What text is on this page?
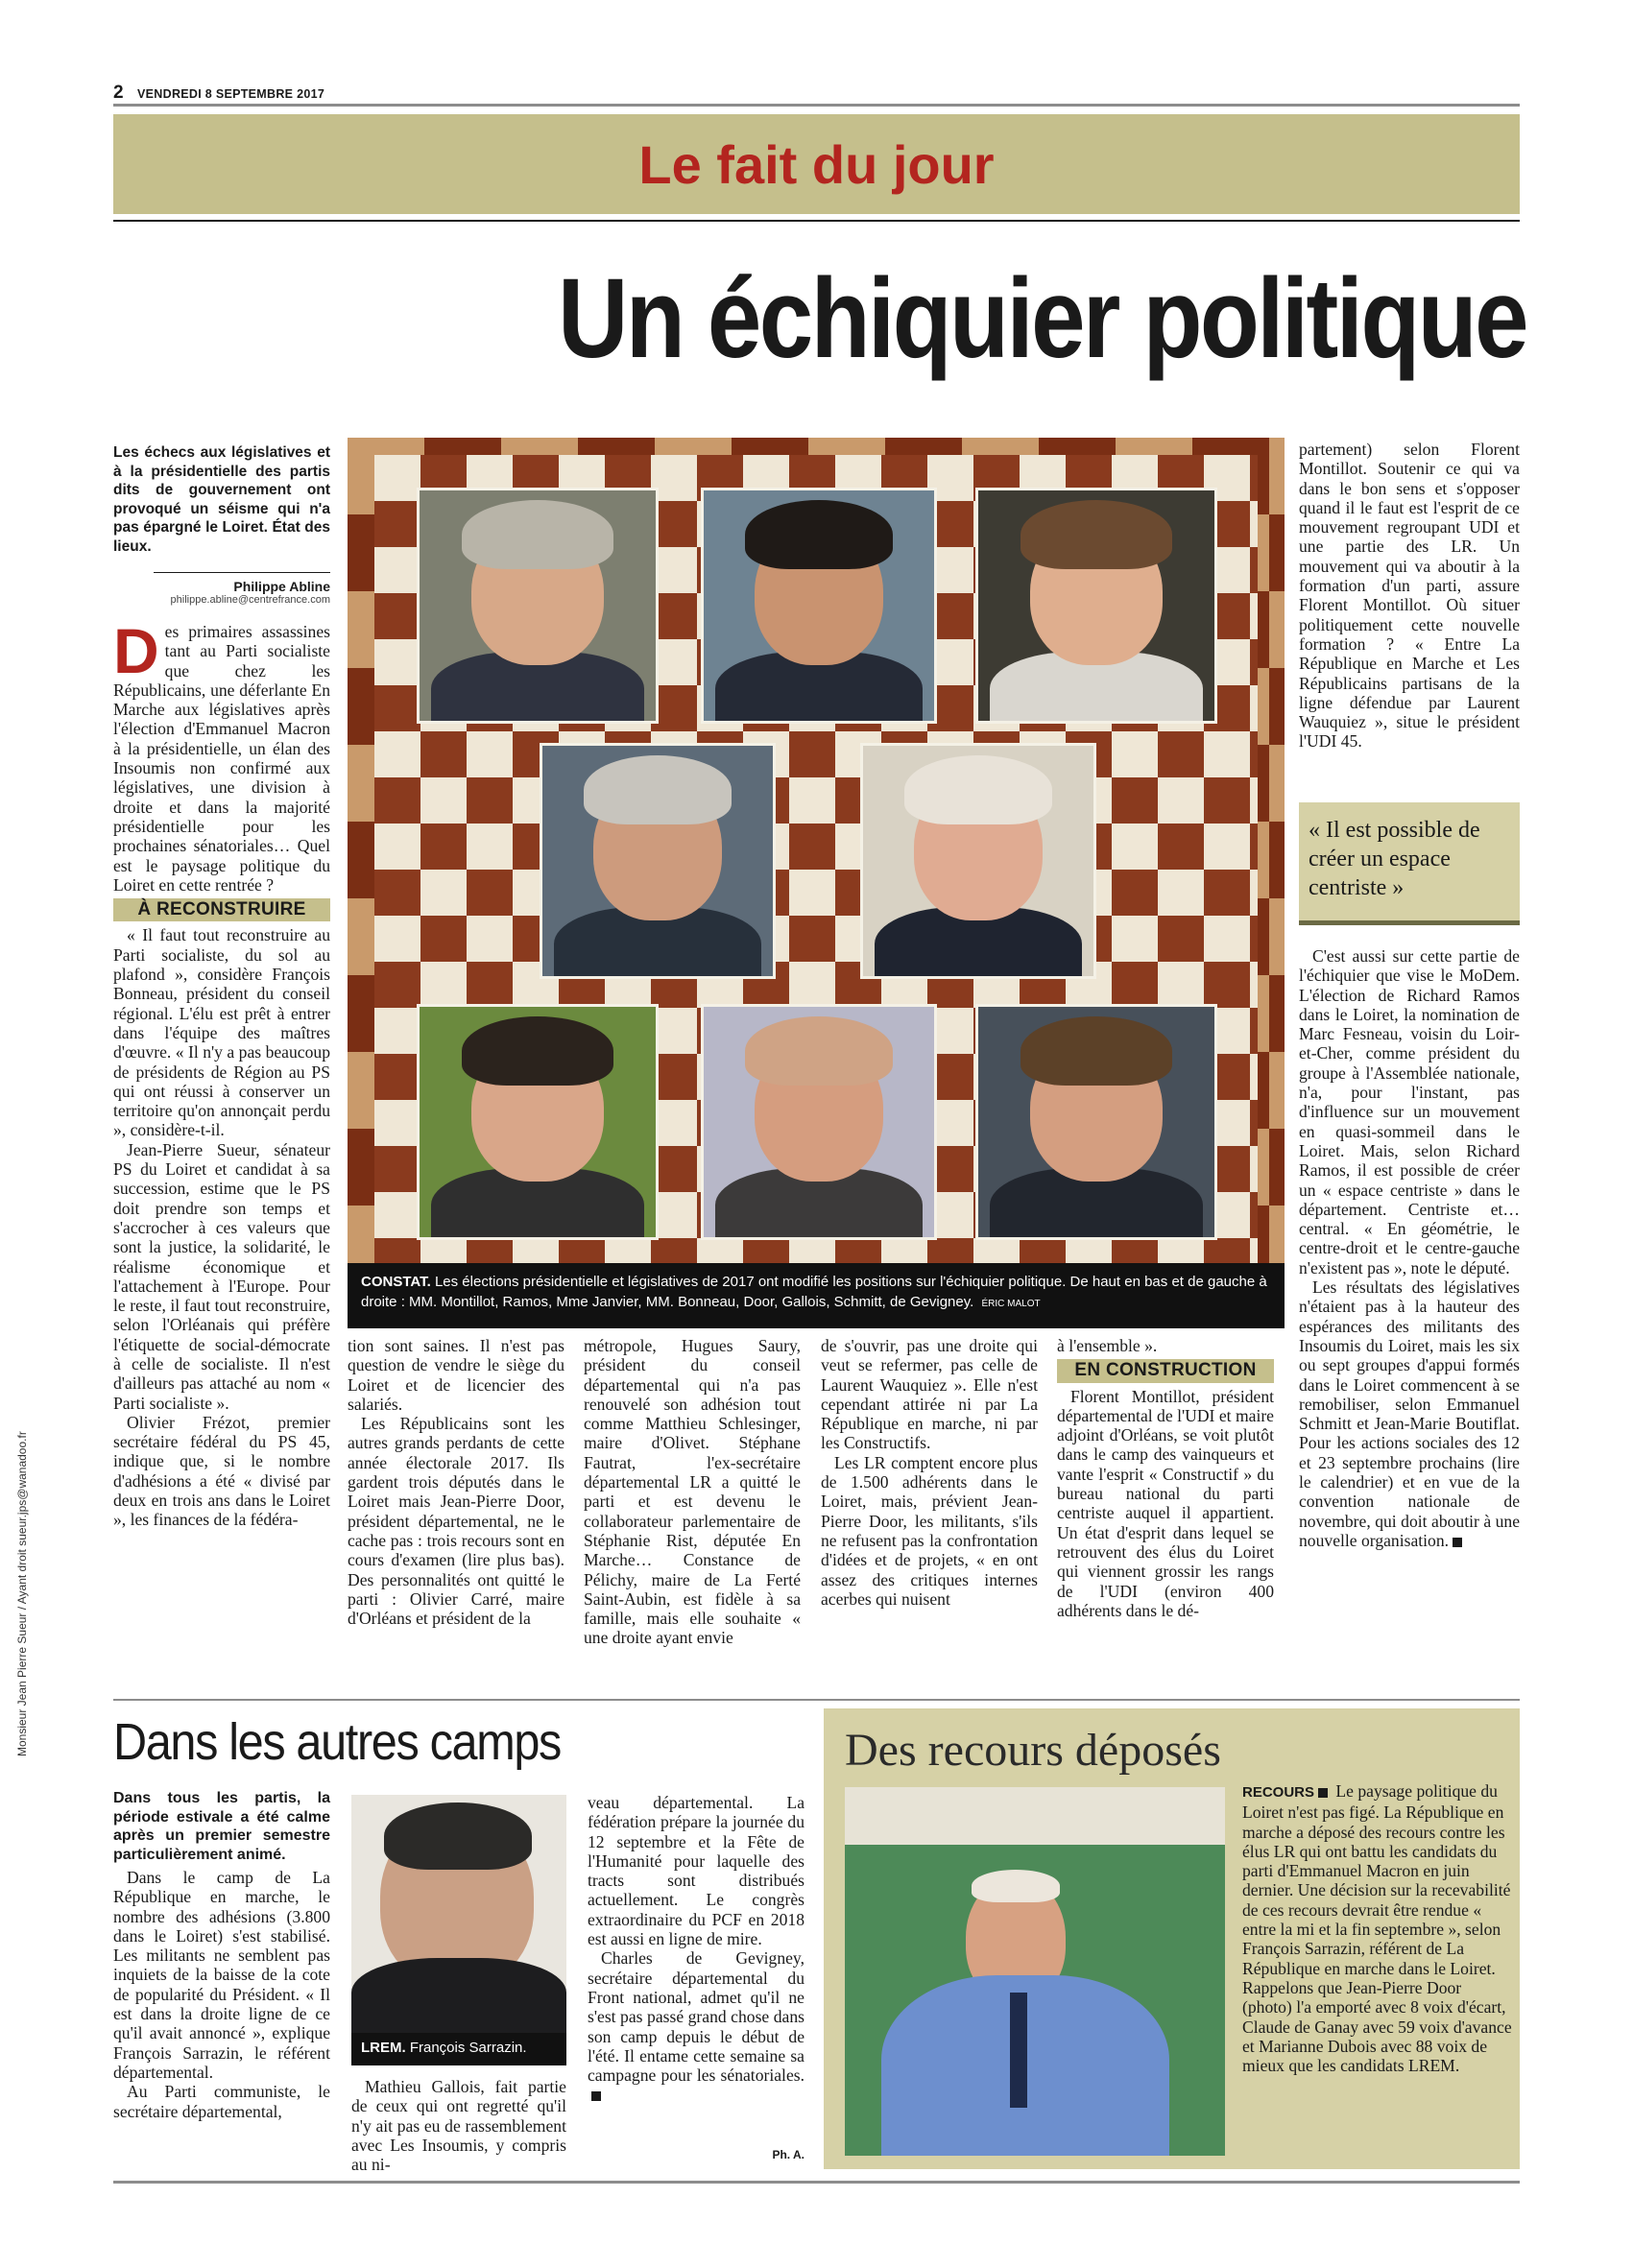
2 VENDREDI 8 SEPTEMBRE 2017
Le fait du jour
Un échiquier politique
Les échecs aux législatives et à la présidentielle des partis dits de gouvernement ont provoqué un séisme qui n'a pas épargné le Loiret. État des lieux.
Philippe Abline
philippe.abline@centrefrance.com

D es primaires assassines tant au Parti socialiste que chez les Républicains, une déferlante En Marche aux législatives après l'élection d'Emmanuel Macron à la présidentielle, un élan des Insoumis non confirmé aux législatives, une division à droite et dans la majorité présidentielle pour les prochaines sénatoriales… Quel est le paysage politique du Loiret en cette rentrée ?

À RECONSTRUIRE

« Il faut tout reconstruire au Parti socialiste, du sol au plafond », considère François Bonneau, président du conseil régional. L'élu est prêt à entrer dans l'équipe des maîtres d'œuvre. « Il n'y a pas beaucoup de présidents de Région au PS qui ont réussi à conserver un territoire qu'on annonçait perdu », considère-t-il.

Jean-Pierre Sueur, sénateur PS du Loiret et candidat à sa succession, estime que le PS doit prendre son temps et s'accrocher à ces valeurs que sont la justice, la solidarité, le réalisme économique et l'attachement à l'Europe. Pour le reste, il faut tout reconstruire, selon l'Orléanais qui préfère l'étiquette de social-démocrate à celle de socialiste. Il n'est d'ailleurs pas attaché au nom « Parti socialiste ».

Olivier Frézot, premier secrétaire fédéral du PS 45, indique que, si le nombre d'adhésions a été « divisé par deux en trois ans dans le Loiret », les finances de la fédéra-

CONSTAT. Les élections présidentielle et législatives de 2017 ont modifié les positions sur l'échiquier politique. De haut en bas et de gauche à droite : MM. Montillot, Ramos, Mme Janvier, MM. Bonneau, Door, Gallois, Schmitt, de Gevigney. ÉRIC MALOT

tion sont saines. Il n'est pas question de vendre le siège du Loiret et de licencier des salariés.

Les Républicains sont les autres grands perdants de cette année électorale 2017. Ils gardent trois députés dans le Loiret mais Jean-Pierre Door, président départemental, ne le cache pas : trois recours sont en cours d'examen (lire plus bas). Des personnalités ont quitté le parti : Olivier Carré, maire d'Orléans et président de la

métropole, Hugues Saury, président du conseil départemental qui n'a pas renouvelé son adhésion tout comme Matthieu Schlesinger, maire d'Olivet. Stéphane Fautrat, l'ex-secrétaire départemental LR a quitté le parti et est devenu le collaborateur parlementaire de Stéphanie Rist, députée En Marche… Constance de Pélichy, maire de La Ferté Saint-Aubin, est fidèle à sa famille, mais elle souhaite « une droite ayant envie

de s'ouvrir, pas une droite qui veut se refermer, pas celle de Laurent Wauquiez ». Elle n'est cependant attirée ni par La République en marche, ni par les Constructifs.

Les LR comptent encore plus de 1.500 adhérents dans le Loiret, mais, prévient Jean-Pierre Door, les militants, s'ils ne refusent pas la confrontation d'idées et de projets, « en ont assez des critiques internes acerbes qui nuisent

à l'ensemble ».

EN CONSTRUCTION

Florent Montillot, président départemental de l'UDI et maire adjoint d'Orléans, se voit plutôt dans le camp des vainqueurs et vante l'esprit « Constructif » du bureau national du parti centriste auquel il appartient. Un état d'esprit dans lequel se retrouvent des élus du Loiret qui viennent grossir les rangs de l'UDI (environ 400 adhérents dans le dé-

partement) selon Florent Montillot. Soutenir ce qui va dans le bon sens et s'opposer quand il le faut est l'esprit de ce mouvement regroupant UDI et une partie des LR. Un mouvement qui va aboutir à la formation d'un parti, assure Florent Montillot. Où situer politiquement cette nouvelle formation ? « Entre La République en Marche et Les Républicains partisans de la ligne défendue par Laurent Wauquiez », situe le président l'UDI 45.

« Il est possible de créer un espace centriste »

C'est aussi sur cette partie de l'échiquier que vise le MoDem. L'élection de Richard Ramos dans le Loiret, la nomination de Marc Fesneau, voisin du Loir-et-Cher, comme président du groupe à l'Assemblée nationale, n'a, pour l'instant, pas d'influence sur un mouvement en quasi-sommeil dans le Loiret. Mais, selon Richard Ramos, il est possible de créer un « espace centriste » dans le département. Centriste et… central. « En géométrie, le centre-droit et le centre-gauche n'existent pas », note le député.

Les résultats des législatives n'étaient pas à la hauteur des espérances des militants des Insoumis du Loiret, mais les six ou sept groupes d'appui formés dans le Loiret commencent à se remobiliser, selon Emmanuel Schmitt et Jean-Marie Boutiflat. Pour les actions sociales des 12 et 23 septembre prochains (lire le calendrier) et en vue de la convention nationale de novembre, qui doit aboutir à une nouvelle organisation.

Monsieur Jean Pierre Sueur / Ayant droit sueur.jps@wanadoo.fr Dans les autres camps
Dans tous les partis, la période estivale a été calme après un premier semestre particulièrement animé.

Dans le camp de La République en marche, le nombre des adhésions (3.800 dans le Loiret) s'est stabilisé. Les militants ne semblent pas inquiets de la baisse de la cote de popularité du Président. « Il est dans la droite ligne de ce qu'il avait annoncé », explique François Sarrazin, le référent départemental.

Au Parti communiste, le secrétaire départemental,

LREM. François Sarrazin.

Mathieu Gallois, fait partie de ceux qui ont regretté qu'il n'y ait pas eu de rassemblement avec Les Insoumis, y compris au ni-

veau départemental. La fédération prépare la journée du 12 septembre et la Fête de l'Humanité pour laquelle des tracts sont distribués actuellement. Le congrès extraordinaire du PCF en 2018 est aussi en ligne de mire.

Charles de Gevigney, secrétaire départemental du Front national, admet qu'il ne s'est pas passé grand chose dans son camp depuis le début de l'été. Il entame cette semaine sa campagne pour les sénatoriales.

Ph. A.
Des recours déposés
RECOURS Le paysage politique du Loiret n'est pas figé. La République en marche a déposé des recours contre les élus LR qui ont battu les candidats du parti d'Emmanuel Macron en juin dernier. Une décision sur la recevabilité de ces recours devrait être rendue « entre la mi et la fin septembre », selon François Sarrazin, référent de La République en marche dans le Loiret. Rappelons que Jean-Pierre Door (photo) l'a emporté avec 8 voix d'écart, Claude de Ganay avec 59 voix d'avance et Marianne Dubois avec 88 voix de mieux que les candidats LREM.
